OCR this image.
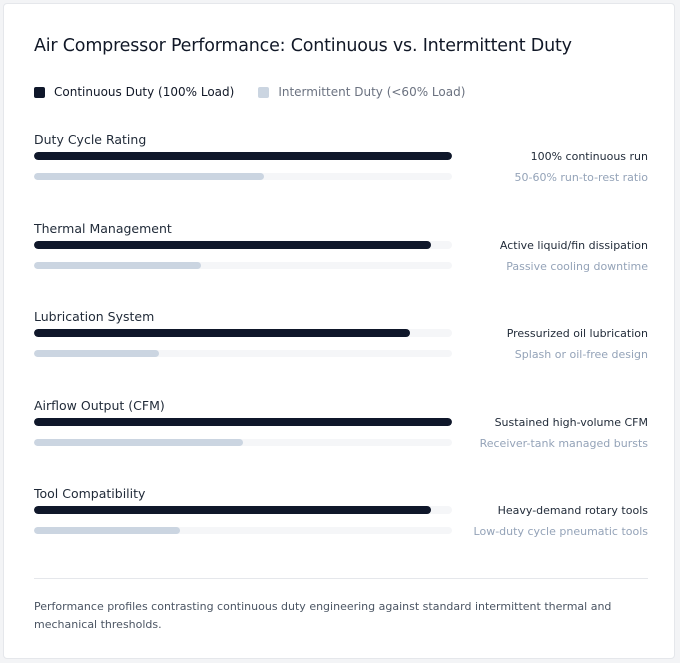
Air Compressor Performance: Continuous vs. Intermittent Duty
Continuous Duty (100% Load)	Intermittent Duty (<60% Load)
Duty Cycle Rating
100% continuous run
50-60% run-to-rest ratio
Thermal Management
Active liquid/fin dissipation
Passive cooling downtime
Lubrication System
Pressurized oil lubrication
Splash or oil-free design
Airflow Output (CFM)
Sustained high-volume CFM
Receiver-tank managed bursts
Tool Compatibility
Heavy-demand rotary tools
Low-duty cycle pneumatic tools
Performance profiles contrasting continuous duty engineering against standard intermittent thermal and mechanical thresholds.
